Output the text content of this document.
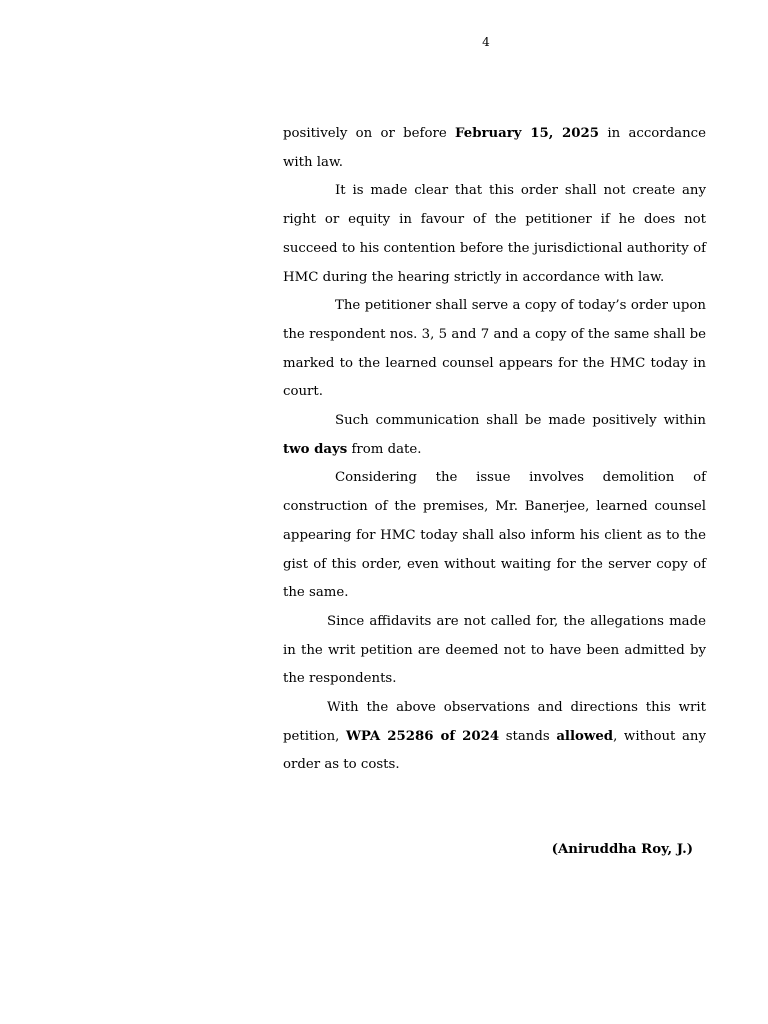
4

positively on or before February 15, 2025 in accordance with law.

It is made clear that this order shall not create any right or equity in favour of the petitioner if he does not succeed to his contention before the jurisdictional authority of HMC during the hearing strictly in accordance with law.

The petitioner shall serve a copy of today’s order upon the respondent nos. 3, 5 and 7 and a copy of the same shall be marked to the learned counsel appears for the HMC today in court.

Such communication shall be made positively within two days from date.

Considering the issue involves demolition of construction of the premises, Mr. Banerjee, learned counsel appearing for HMC today shall also inform his client as to the gist of this order, even without waiting for the server copy of the same.

Since affidavits are not called for, the allegations made in the writ petition are deemed not to have been admitted by the respondents.

With the above observations and directions this writ petition, WPA 25286 of 2024 stands allowed, without any order as to costs.

(Aniruddha Roy, J.)
